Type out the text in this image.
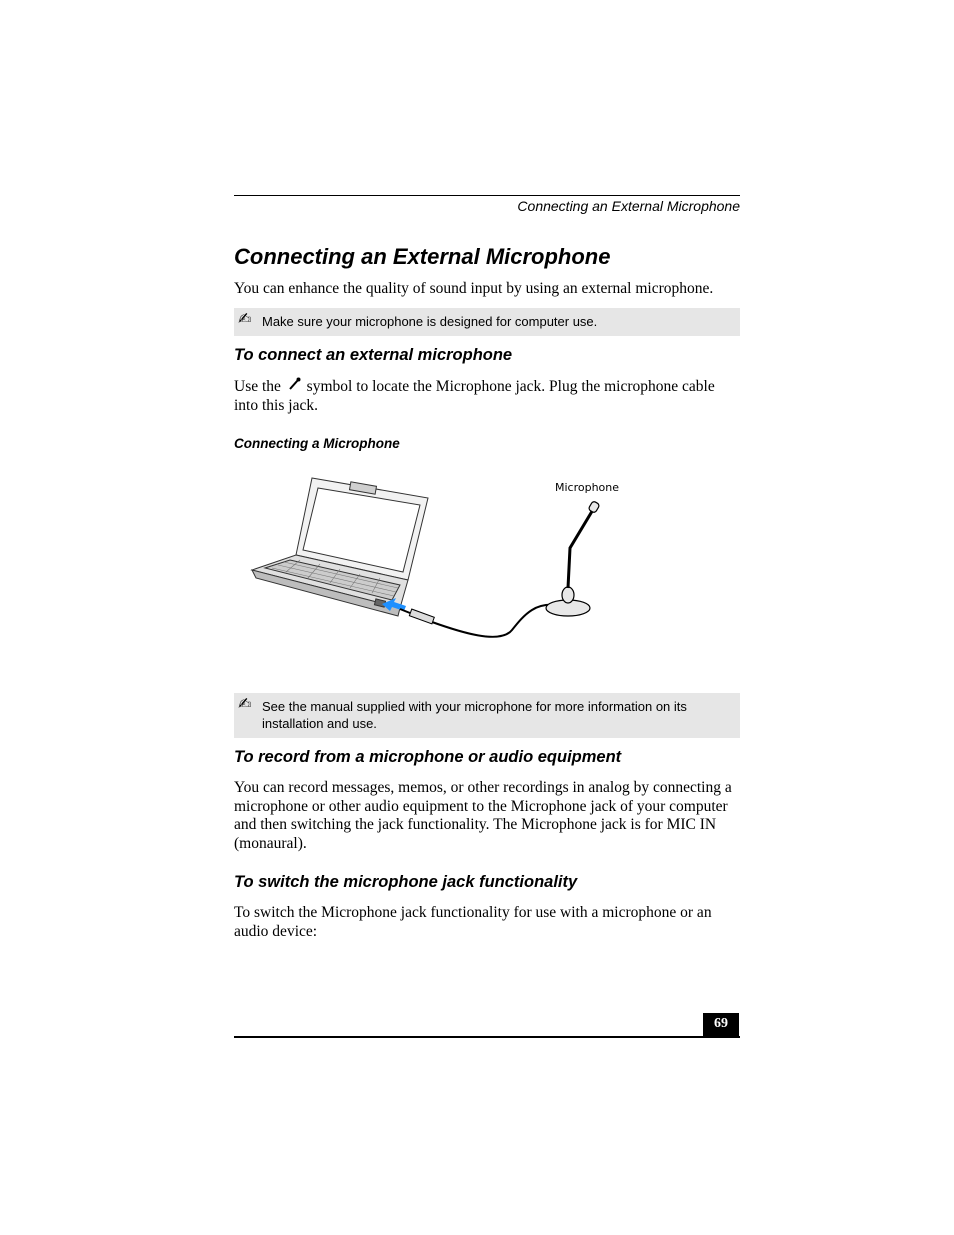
Connecting an External Microphone
Connecting an External Microphone
You can enhance the quality of sound input by using an external microphone.
✍ Make sure your microphone is designed for computer use.
To connect an external microphone
Use the symbol to locate the Microphone jack. Plug the microphone cable into this jack.
Connecting a Microphone
Microphone
✍ See the manual supplied with your microphone for more information on its installation and use.
To record from a microphone or audio equipment
You can record messages, memos, or other recordings in analog by connecting a microphone or other audio equipment to the Microphone jack of your computer and then switching the jack functionality. The Microphone jack is for MIC IN (monaural).
To switch the microphone jack functionality
To switch the Microphone jack functionality for use with a microphone or an audio device:
69
